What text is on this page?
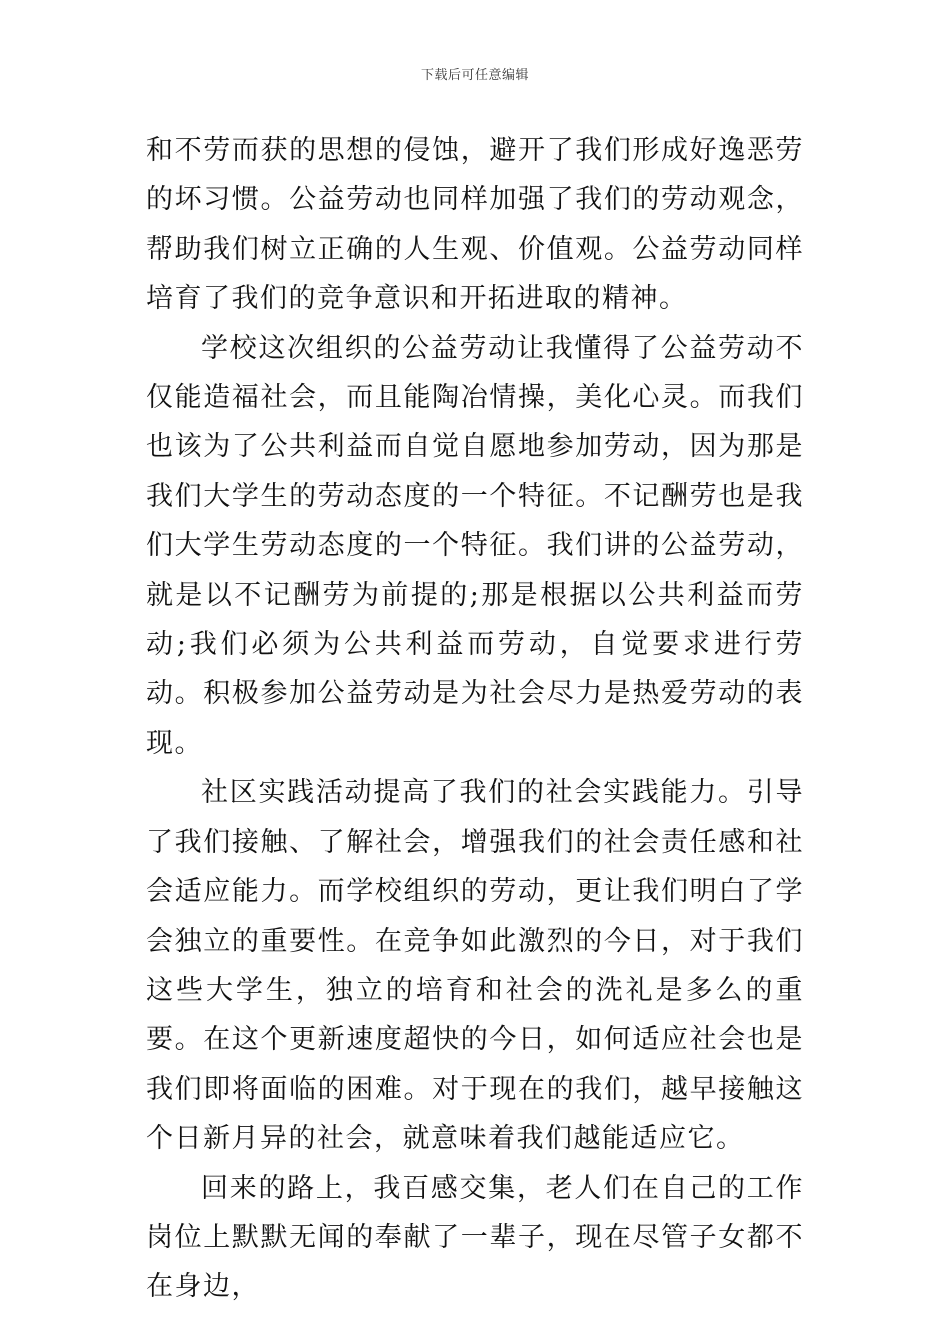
下载后可任意编辑

和不劳而获的思想的侵蚀，避开了我们形成好逸恶劳的坏习惯。公益劳动也同样加强了我们的劳动观念，帮助我们树立正确的人生观、价值观。公益劳动同样培育了我们的竞争意识和开拓进取的精神。

学校这次组织的公益劳动让我懂得了公益劳动不仅能造福社会，而且能陶冶情操，美化心灵。而我们也该为了公共利益而自觉自愿地参加劳动，因为那是我们大学生的劳动态度的一个特征。不记酬劳也是我们大学生劳动态度的一个特征。我们讲的公益劳动，就是以不记酬劳为前提的;那是根据以公共利益而劳动;我们必须为公共利益而劳动，自觉要求进行劳动。积极参加公益劳动是为社会尽力是热爱劳动的表现。

社区实践活动提高了我们的社会实践能力。引导了我们接触、了解社会，增强我们的社会责任感和社会适应能力。而学校组织的劳动，更让我们明白了学会独立的重要性。在竞争如此激烈的今日，对于我们这些大学生，独立的培育和社会的洗礼是多么的重要。在这个更新速度超快的今日，如何适应社会也是我们即将面临的困难。对于现在的我们，越早接触这个日新月异的社会，就意味着我们越能适应它。

回来的路上，我百感交集，老人们在自己的工作岗位上默默无闻的奉献了一辈子，现在尽管子女都不在身边，
